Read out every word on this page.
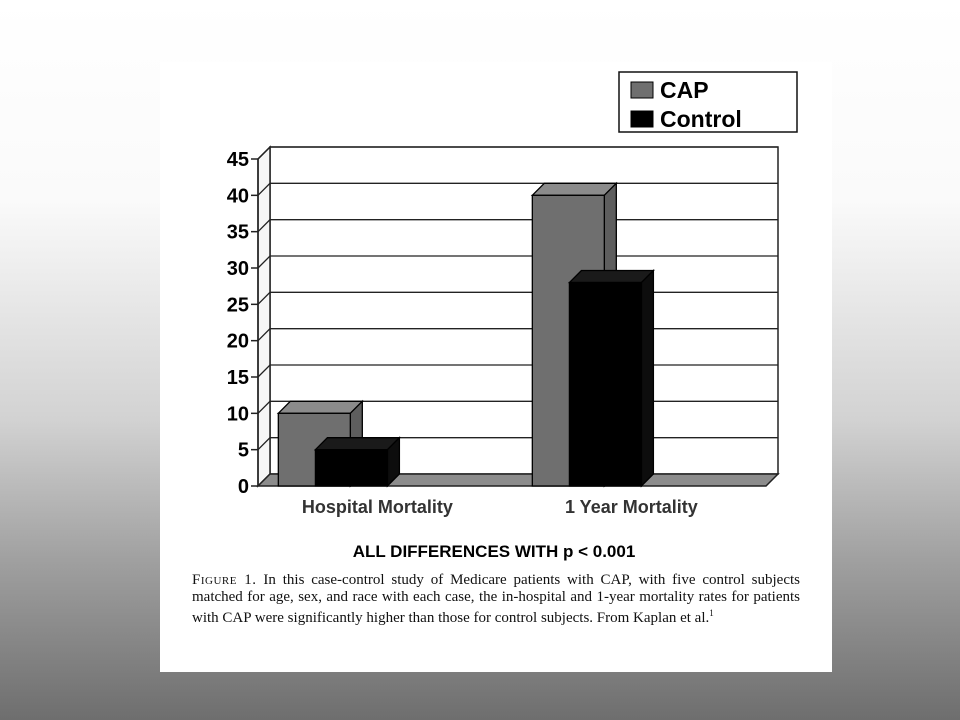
0
5
10
15
20
25
30
35
40
45
Hospital Mortality	1 Year Mortality
CAP
Control
ALL DIFFERENCES WITH p < 0.001

Figure 1. In this case-control study of Medicare patients with CAP, with five control subjects matched for age, sex, and race with each case, the in-hospital and 1-year mortality rates for patients with CAP were significantly higher than those for control subjects. From Kaplan et al.$^1$
